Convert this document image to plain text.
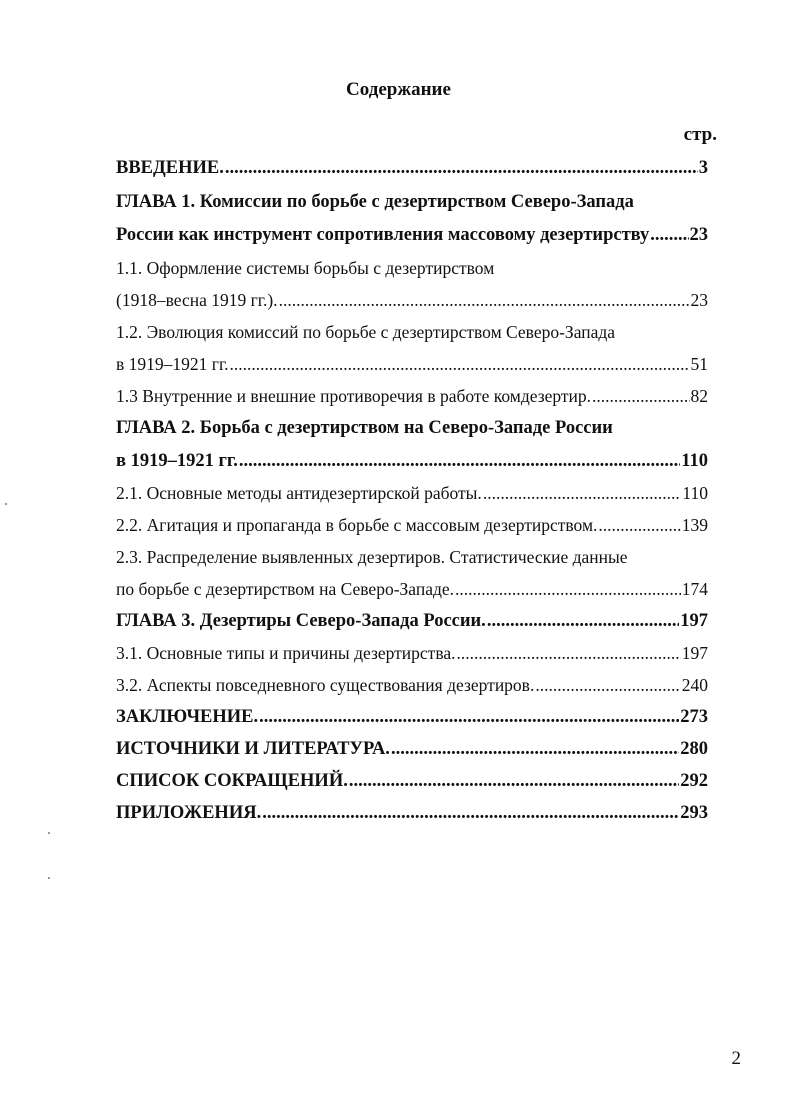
Содержание
стр.
ВВЕДЕНИЕ. .....	3
ГЛАВА 1. Комиссии по борьбе с дезертирством Северо-Запада
России как инструмент сопротивления массовому дезертирству ..... 23
1.1. Оформление системы борьбы с дезертирством
(1918–весна 1919 гг.). .....	23
1.2. Эволюция комиссий по борьбе с дезертирством Северо-Запада
в 1919–1921 гг. .....	51
1.3 Внутренние и внешние противоречия в работе комдезертир. .....	82
ГЛАВА 2. Борьба с дезертирством на Северо-Западе России
в 1919–1921 гг. .....	110
2.1. Основные методы антидезертирской работы. .....	110
2.2. Агитация и пропаганда в борьбе с массовым дезертирством. .....	139
2.3. Распределение выявленных дезертиров. Статистические данные
по борьбе с дезертирством на Северо-Западе. .....	174
ГЛАВА 3. Дезертиры Северо-Запада России. .....	197
3.1. Основные типы и причины дезертирства. .....	197
3.2. Аспекты повседневного существования дезертиров. .....	240
ЗАКЛЮЧЕНИЕ. .....	273
ИСТОЧНИКИ И ЛИТЕРАТУРА. .....	280
СПИСОК СОКРАЩЕНИЙ. .....	292
ПРИЛОЖЕНИЯ. .....	293
2
